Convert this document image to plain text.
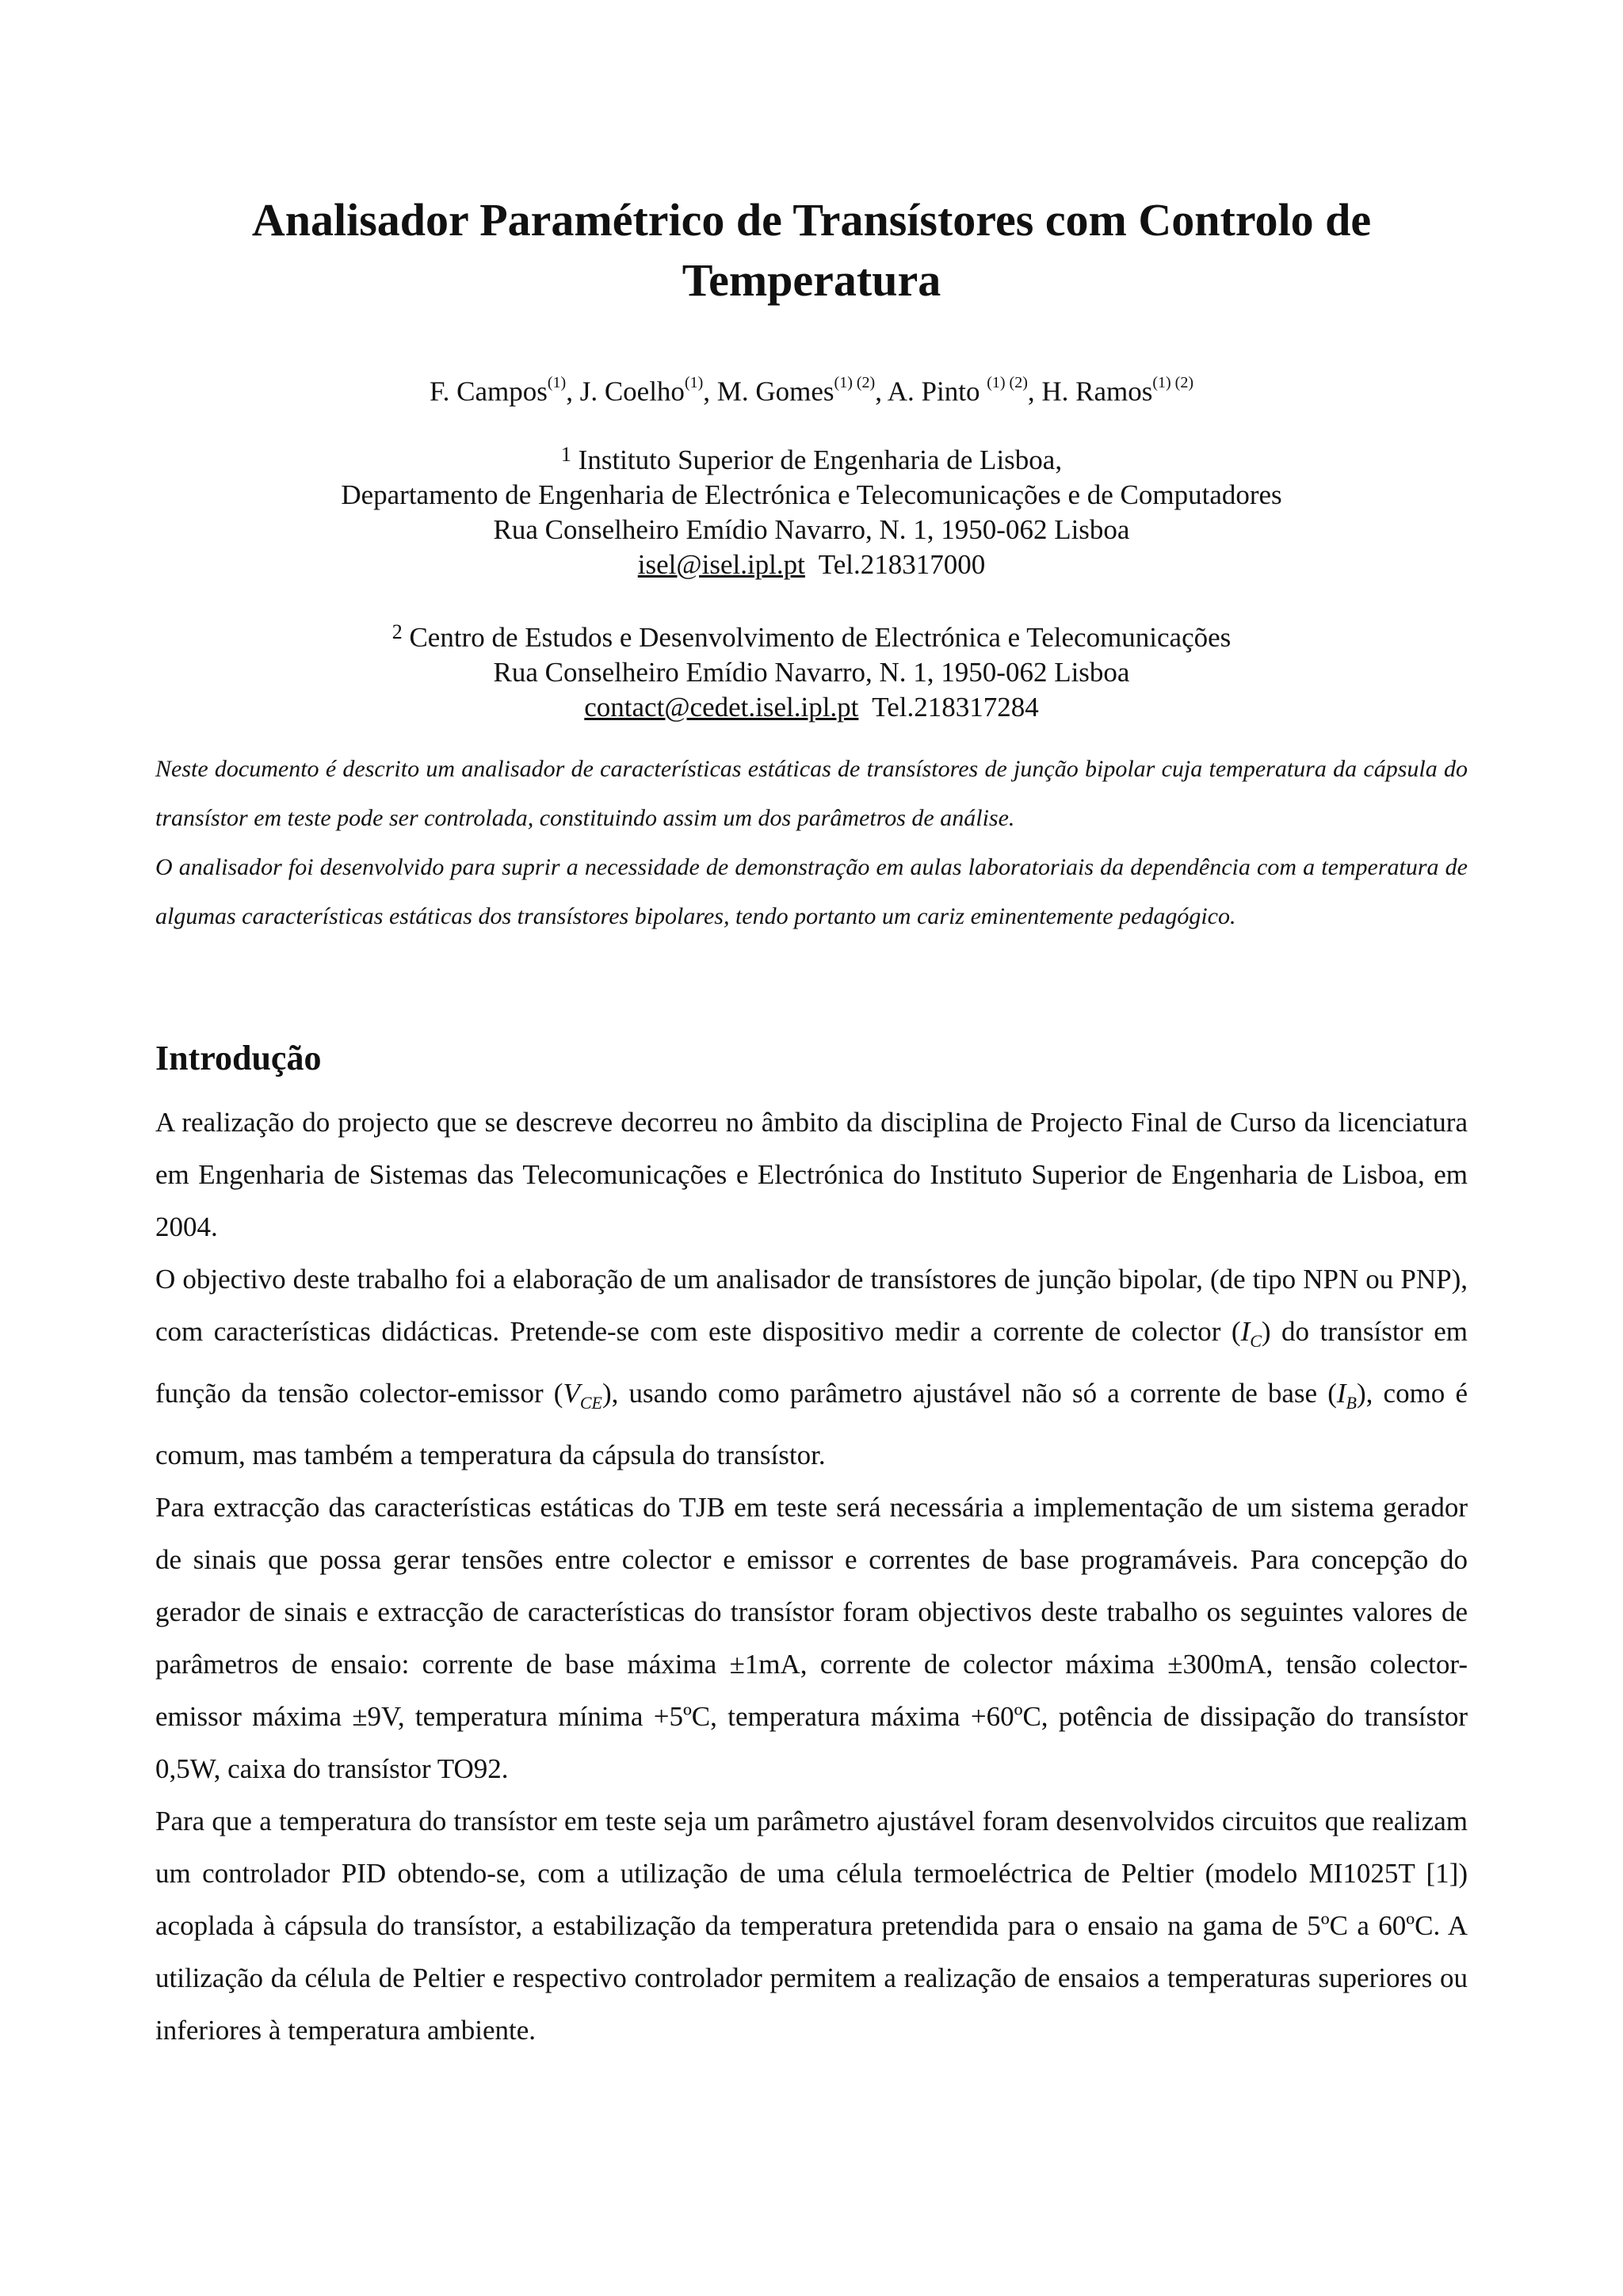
Analisador Paramétrico de Transístores com Controlo de Temperatura
F. Campos$^{(1)}$, J. Coelho$^{(1)}$, M. Gomes$^{(1) (2)}$, A. Pinto $^{(1) (2)}$, H. Ramos$^{(1) (2)}$
$^1$ Instituto Superior de Engenharia de Lisboa,
Departamento de Engenharia de Electrónica e Telecomunicações e de Computadores
Rua Conselheiro Emídio Navarro, N. 1, 1950-062 Lisboa
isel@isel.ipl.pt Tel.218317000
$^2$ Centro de Estudos e Desenvolvimento de Electrónica e Telecomunicações
Rua Conselheiro Emídio Navarro, N. 1, 1950-062 Lisboa
contact@cedet.isel.ipl.pt Tel.218317284

Neste documento é descrito um analisador de características estáticas de transístores de junção bipolar cuja temperatura da cápsula do transístor em teste pode ser controlada, constituindo assim um dos parâmetros de análise.

O analisador foi desenvolvido para suprir a necessidade de demonstração em aulas laboratoriais da dependência com a temperatura de algumas características estáticas dos transístores bipolares, tendo portanto um cariz eminentemente pedagógico.

Introdução

A realização do projecto que se descreve decorreu no âmbito da disciplina de Projecto Final de Curso da licenciatura em Engenharia de Sistemas das Telecomunicações e Electrónica do Instituto Superior de Engenharia de Lisboa, em 2004.

O objectivo deste trabalho foi a elaboração de um analisador de transístores de junção bipolar, (de tipo NPN ou PNP), com características didácticas. Pretende-se com este dispositivo medir a corrente de colector $(I_C)$ do transístor em função da tensão colector-emissor $(V_{CE})$, usando como parâmetro ajustável não só a corrente de base $(I_B)$, como é comum, mas também a temperatura da cápsula do transístor.

Para extracção das características estáticas do TJB em teste será necessária a implementação de um sistema gerador de sinais que possa gerar tensões entre colector e emissor e correntes de base programáveis. Para concepção do gerador de sinais e extracção de características do transístor foram objectivos deste trabalho os seguintes valores de parâmetros de ensaio: corrente de base máxima ±1mA, corrente de colector máxima ±300mA, tensão colector-emissor máxima ±9V, temperatura mínima +5ºC, temperatura máxima +60ºC, potência de dissipação do transístor 0,5W, caixa do transístor TO92.

Para que a temperatura do transístor em teste seja um parâmetro ajustável foram desenvolvidos circuitos que realizam um controlador PID obtendo-se, com a utilização de uma célula termoeléctrica de Peltier (modelo MI1025T [1]) acoplada à cápsula do transístor, a estabilização da temperatura pretendida para o ensaio na gama de 5ºC a 60ºC. A utilização da célula de Peltier e respectivo controlador permitem a realização de ensaios a temperaturas superiores ou inferiores à temperatura ambiente.
